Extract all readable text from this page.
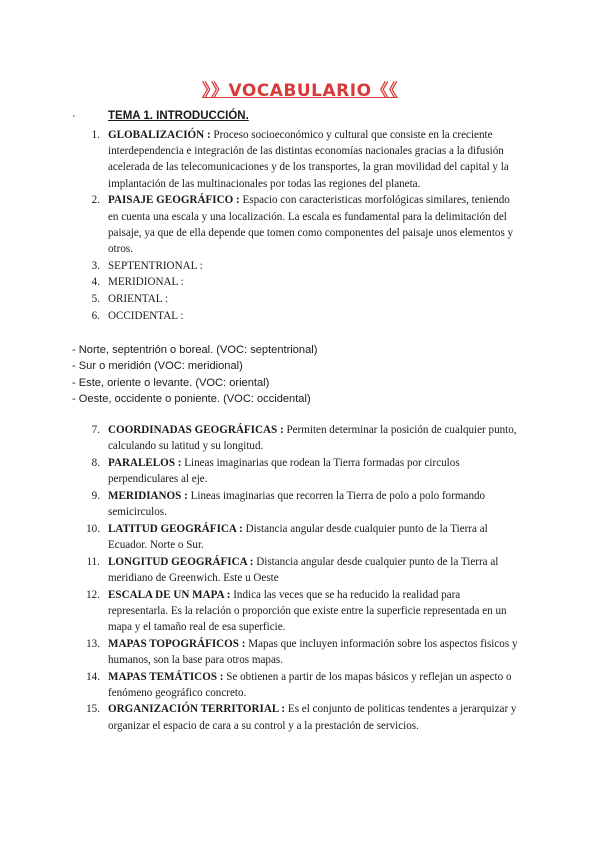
》》VOCABULARIO《《
·	TEMA 1. INTRODUCCIÓN.
1. GLOBALIZACIÓN : Proceso socioeconómico y cultural que consiste en la creciente interdependencia e integración de las distintas economías nacionales gracias a la difusión acelerada de las telecomunicaciones y de los transportes, la gran movilidad del capital y la implantación de las multinacionales por todas las regiones del planeta.
2. PAISAJE GEOGRÁFICO : Espacio con caracteristicas morfológicas similares, teniendo en cuenta una escala y una localización. La escala es fundamental para la delimitación del paisaje, ya que de ella depende que tomen como componentes del paisaje unos elementos y otros.
3. SEPTENTRIONAL :
4. MERIDIONAL :
5. ORIENTAL :
6. OCCIDENTAL :
- Norte, septentrión o boreal. (VOC: septentrional)
- Sur o meridión (VOC: meridional)
- Este, oriente o levante. (VOC: oriental)
- Oeste, occidente o poniente. (VOC: occidental)
7. COORDINADAS GEOGRÁFICAS : Permiten determinar la posición de cualquier punto, calculando su latitud y su longitud.
8. PARALELOS : Lineas imaginarias que rodean la Tierra formadas por circulos perpendiculares al eje.
9. MERIDIANOS : Lineas imaginarias que recorren la Tierra de polo a polo formando semicirculos.
10. LATITUD GEOGRÁFICA : Distancia angular desde cualquier punto de la Tierra al Ecuador. Norte o Sur.
11. LONGITUD GEOGRÁFICA : Distancia angular desde cualquier punto de la Tierra al meridiano de Greenwich. Este u Oeste
12. ESCALA DE UN MAPA : Indica las veces que se ha reducido la realidad para representarla. Es la relación o proporción que existe entre la superficie representada en un mapa y el tamaño real de esa superficie.
13. MAPAS TOPOGRÁFICOS : Mapas que incluyen información sobre los aspectos fisicos y humanos, son la base para otros mapas.
14. MAPAS TEMÁTICOS : Se obtienen a partir de los mapas básicos y reflejan un aspecto o fenómeno geográfico concreto.
15. ORGANIZACIÓN TERRITORIAL : Es el conjunto de politicas tendentes a jerarquizar y organizar el espacio de cara a su control y a la prestación de servicios.
